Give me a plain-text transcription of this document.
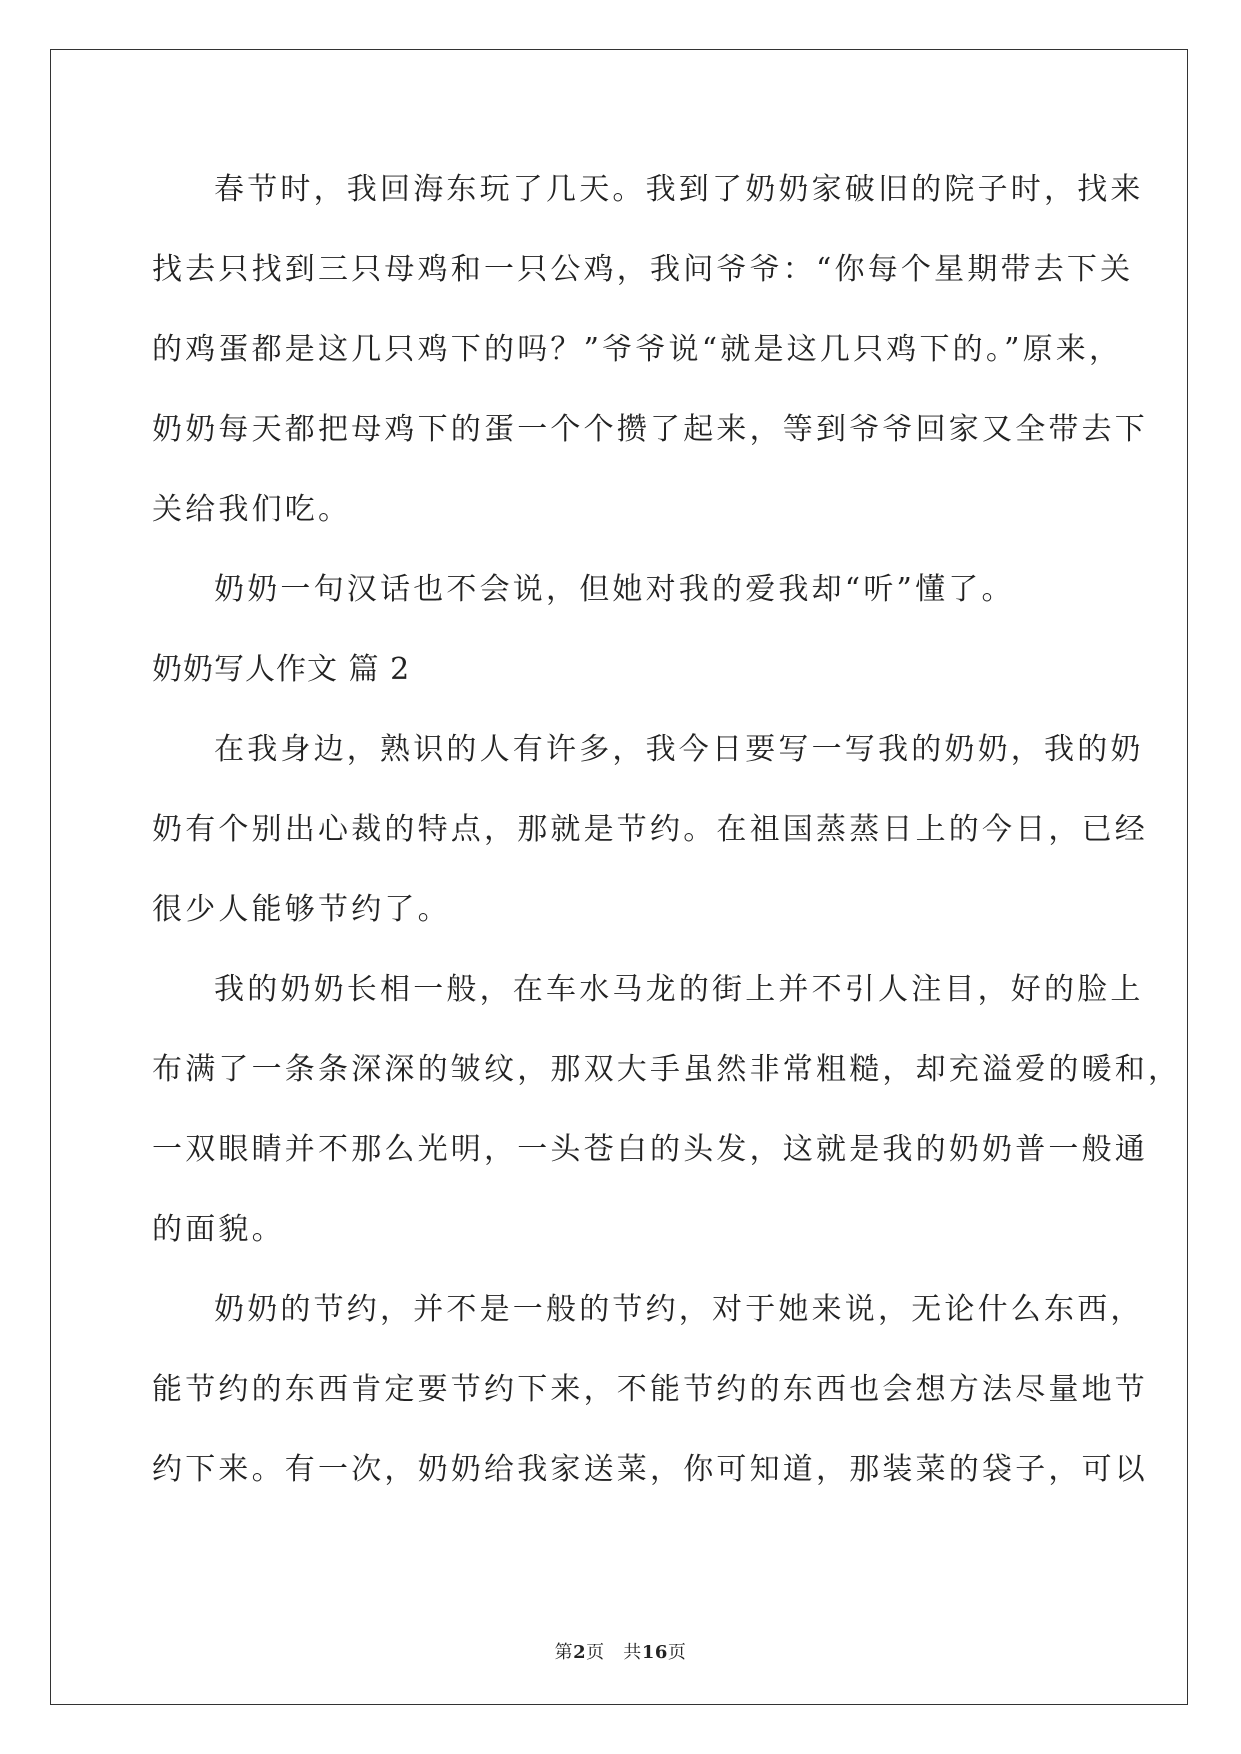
春节时，我回海东玩了几天。我到了奶奶家破旧的院子时，找来
找去只找到三只母鸡和一只公鸡，我问爷爷：“你每个星期带去下关
的鸡蛋都是这几只鸡下的吗？”爷爷说“就是这几只鸡下的。”原来，
奶奶每天都把母鸡下的蛋一个个攒了起来，等到爷爷回家又全带去下
关给我们吃。
奶奶一句汉话也不会说，但她对我的爱我却“听”懂了。
奶奶写人作文 篇 2
在我身边，熟识的人有许多，我今日要写一写我的奶奶，我的奶
奶有个别出心裁的特点，那就是节约。在祖国蒸蒸日上的今日，已经
很少人能够节约了。
我的奶奶长相一般，在车水马龙的街上并不引人注目，好的脸上
布满了一条条深深的皱纹，那双大手虽然非常粗糙，却充溢爱的暖和，
一双眼睛并不那么光明，一头苍白的头发，这就是我的奶奶普一般通
的面貌。
奶奶的节约，并不是一般的节约，对于她来说，无论什么东西，
能节约的东西肯定要节约下来，不能节约的东西也会想方法尽量地节
约下来。有一次，奶奶给我家送菜，你可知道，那装菜的袋子，可以
第2页   共16页
